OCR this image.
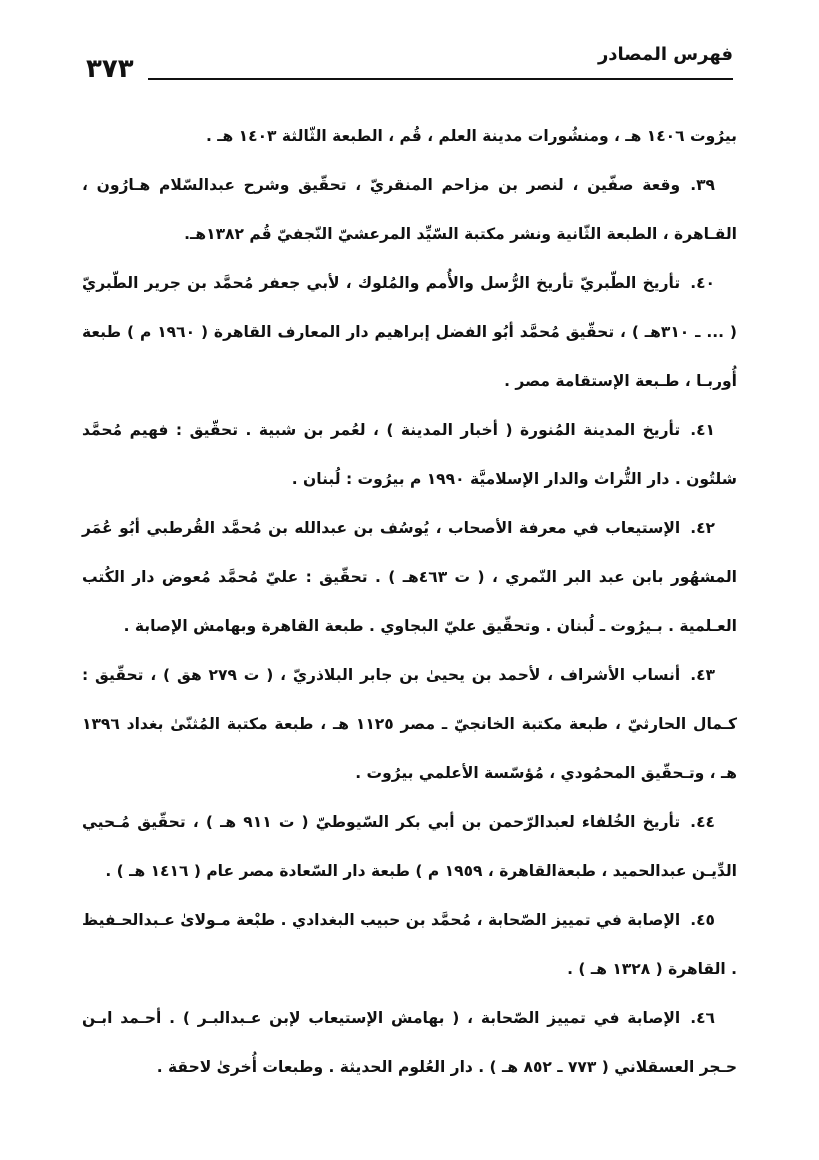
٣٧٣	فهرس المصادر

بيرُوت ١٤٠٦ هـ ، ومنشُورات مدينة العلم ، قُم ، الطبعة الثّالثة ١٤٠٣ هـ .

٣٩.وقعة صفّين ، لنصر بن مزاحم المنقريّ ، تحقّيق وشرح عبدالسّلام هـارُون ، القـاهرة ، الطبعة الثّانية ونشر مكتبة السّيِّد المرعشيّ النّجفيّ قُم ١٣٨٢هـ.

٤٠.تأريخ الطّبريّ تأريخ الرُّسل والأُمم والمُلوك ، لأبي جعفر مُحمَّد بن جرير الطّبريّ ( ... ـ ٣١٠هـ ) ، تحقّيق مُحمَّد أبُو الفضل إبراهيم دار المعارف القاهرة ( ١٩٦٠ م ) طبعة أُوربـا ، طـبعة الإستقامة مصر .

٤١.تأريخ المدينة المُنورة ( أخبار المدينة ) ، لعُمر بن شبية . تحقّيق : فهيم مُحمَّد شلتُون . دار التُّراث والدار الإسلاميَّة ١٩٩٠ م بيرُوت : لُبنان .

٤٢.الإستيعاب في معرفة الأصحاب ، يُوسُف بن عبدالله بن مُحمَّد القُرطبي أبُو عُمَر المشهُور بابن عبد البر النّمري ، ( ت ٤٦٣هـ ) . تحقّيق : عليّ مُحمَّد مُعوض دار الكُتب العـلمية . بـيرُوت ـ لُبنان . وتحقّيق عليّ البجاوي . طبعة القاهرة وبهامش الإصابة .

٤٣.أنساب الأشراف ، لأحمد بن يحيىٰ بن جابر البلاذريّ ، ( ت ٢٧٩ هق ) ، تحقّيق : كـمال الحارثيّ ، طبعة مكتبة الخانجيّ ـ مصر ١١٢٥ هـ ، طبعة مكتبة المُثنّىٰ بغداد ١٣٩٦ هـ ، وتـحقّيق المحمُودي ، مُؤسّسة الأعلمي بيرُوت .

٤٤.تأريخ الخُلفاء لعبدالرّحمن بن أبي بكر السّيوطيّ ( ت ٩١١ هـ ) ، تحقّيق مُـحيي الدِّيـن عبدالحميد ، طبعةالقاهرة ، ١٩٥٩ م ) طبعة دار السّعادة مصر عام ( ١٤١٦ هـ ) .

٤٥.الإصابة في تمييز الصّحابة ، مُحمَّد بن حبيب البغدادي . طبْعة مـولاىٰ عـبدالحـفيظ . القاهرة ( ١٣٢٨ هـ ) .

٤٦.الإصابة في تمييز الصّحابة ، ( بهامش الإستيعاب لإبن عـبدالبـر ) . أحـمد ابـن حـجر العسقلاني ( ٧٧٣ ـ ٨٥٢ هـ ) . دار العُلوم الحديثة . وطبعات أُخرىٰ لاحقة .
